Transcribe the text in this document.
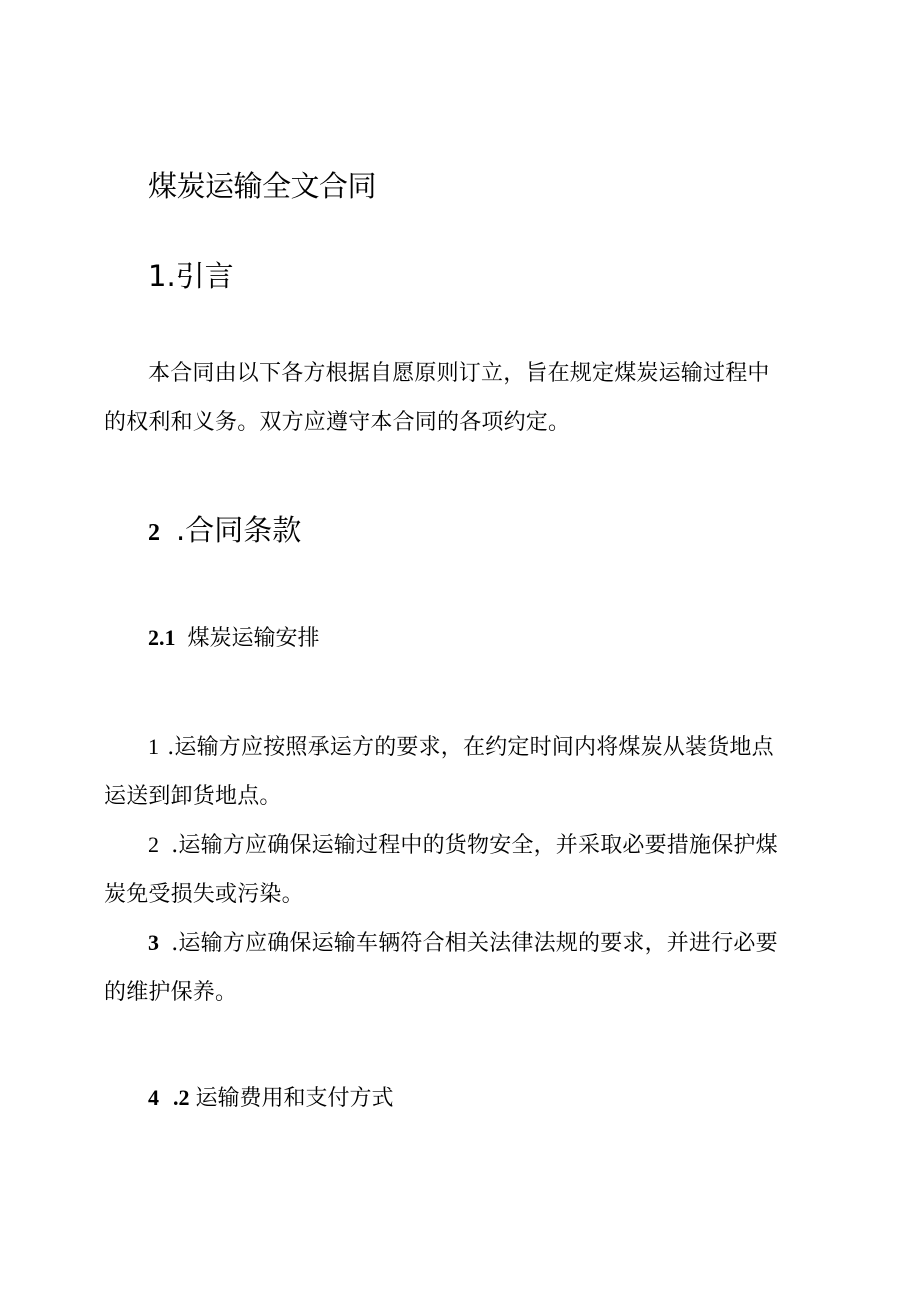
煤炭运输全文合同
1.引言

本合同由以下各方根据自愿原则订立，旨在规定煤炭运输过程中
的权利和义务。双方应遵守本合同的各项约定。

2 .合同条款
2.1 煤炭运输安排

1 .运输方应按照承运方的要求，在约定时间内将煤炭从装货地点
运送到卸货地点。

2 .运输方应确保运输过程中的货物安全，并采取必要措施保护煤
炭免受损失或污染。

3 .运输方应确保运输车辆符合相关法律法规的要求，并进行必要
的维护保养。

4 .2 运输费用和支付方式
